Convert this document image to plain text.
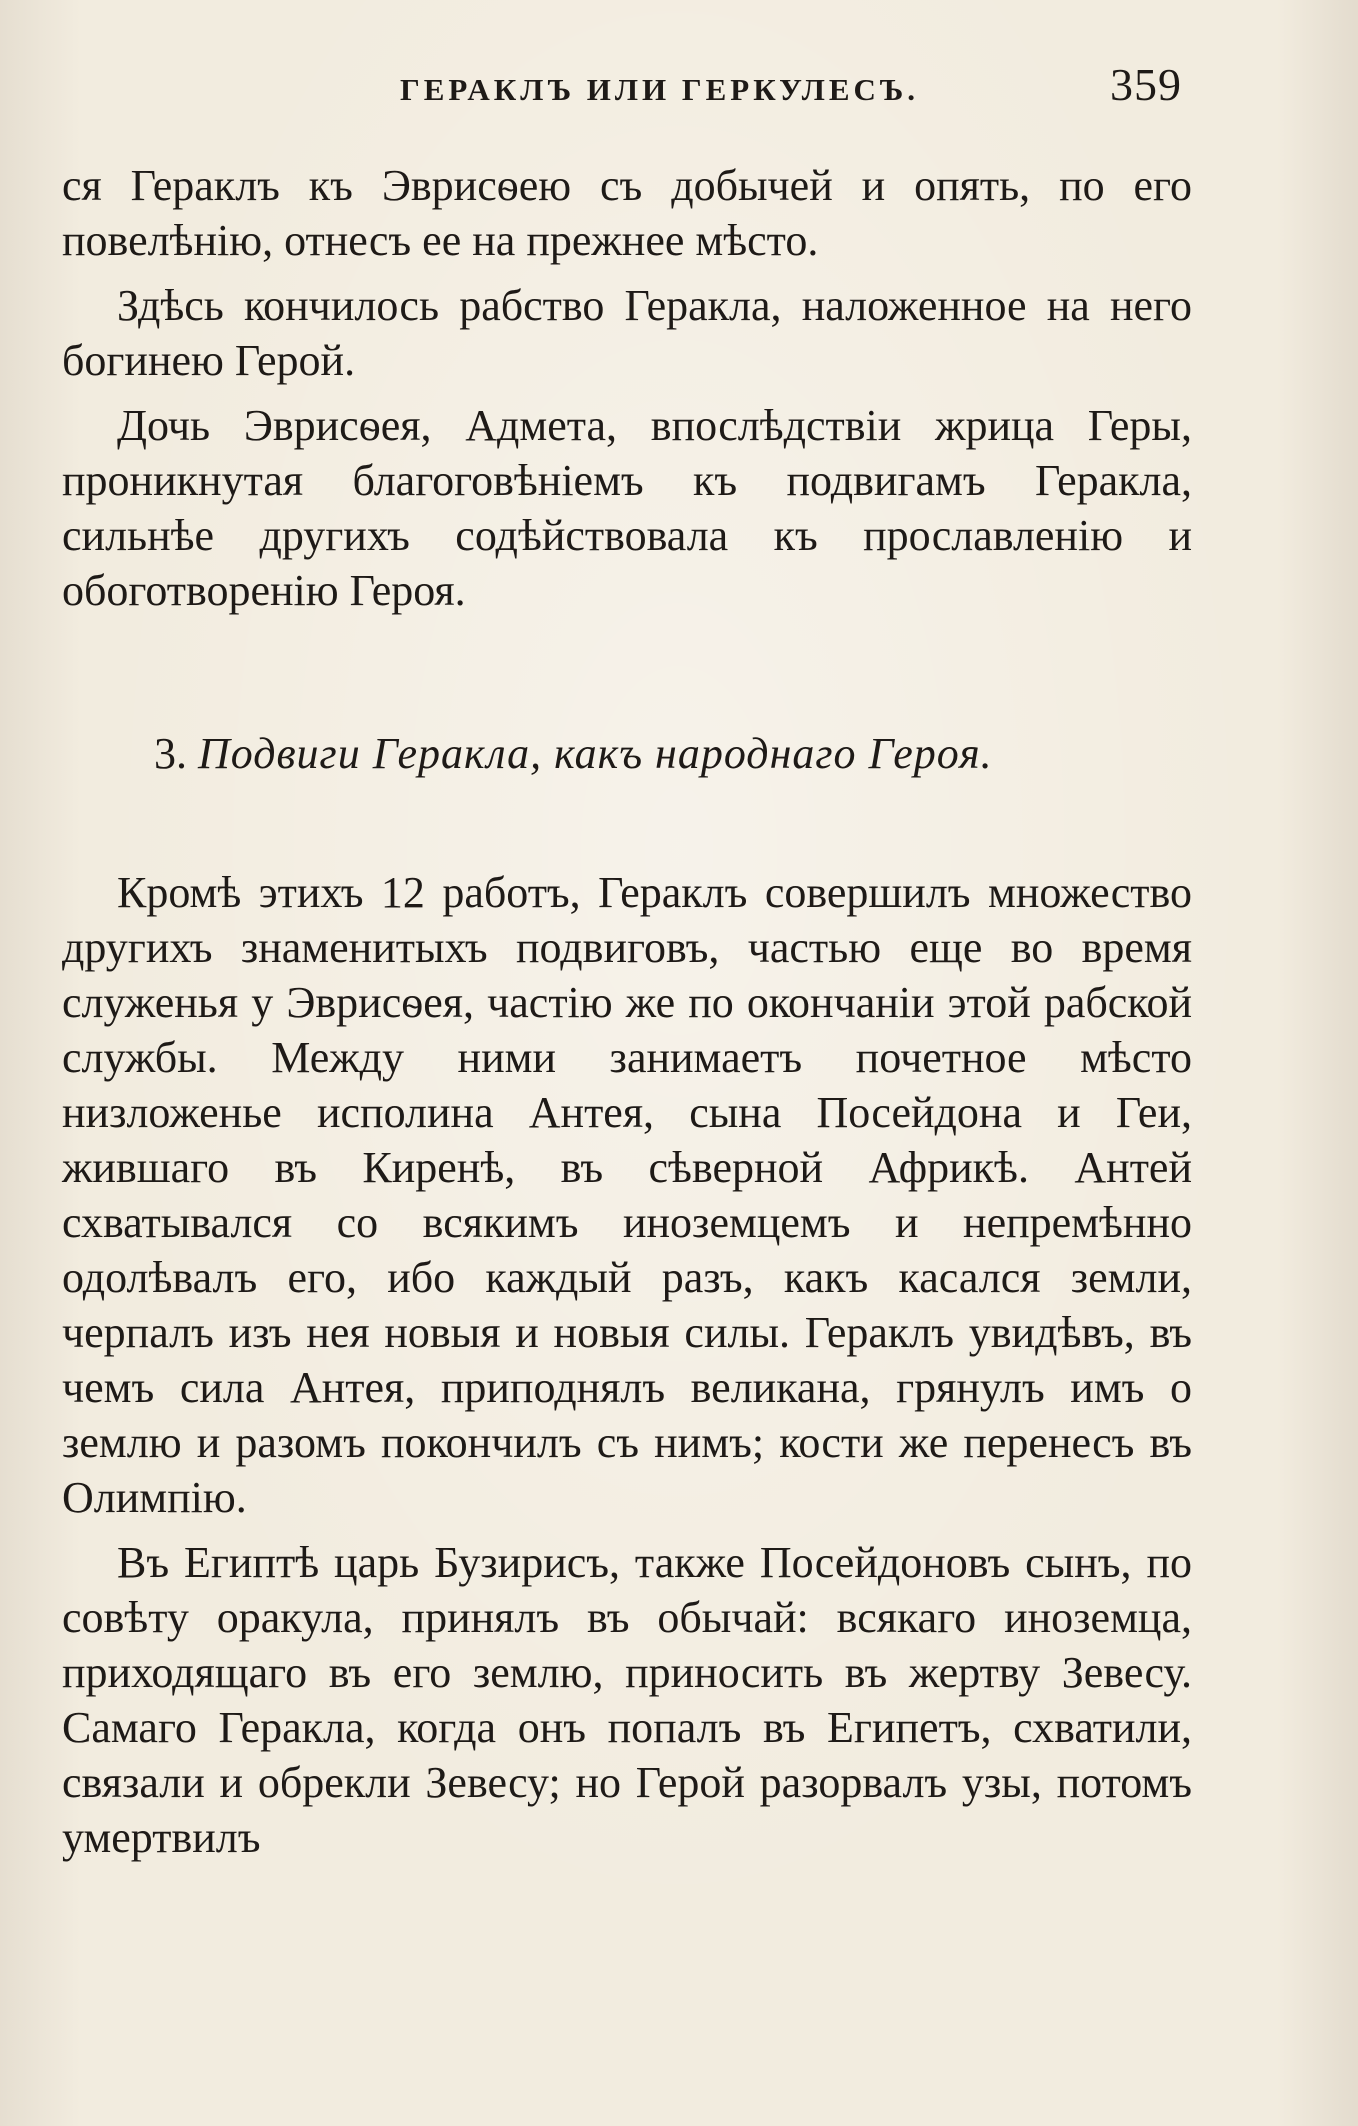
ГЕРАКЛЪ ИЛИ ГЕРКУЛЕСЪ.	359

ся Гераклъ къ Эврисѳею съ добычей и опять, по его повелѣнію, отнесъ ее на прежнее мѣсто.

Здѣсь кончилось рабство Геракла, наложенное на него богинею Герой.

Дочь Эврисѳея, Адмета, впослѣдствіи жрица Геры, проникнутая благоговѣніемъ къ подвигамъ Геракла, сильнѣе другихъ содѣйствовала къ прославленію и обоготворенію Героя.

3. Подвиги Геракла, какъ народнаго Героя.

Кромѣ этихъ 12 работъ, Гераклъ совершилъ множество другихъ знаменитыхъ подвиговъ, частью еще во время служенья у Эврисѳея, частію же по окончаніи этой рабской службы. Между ними занимаетъ почетное мѣсто низложенье исполина Антея, сына Посейдона и Геи, жившаго въ Киренѣ, въ сѣверной Африкѣ. Антей схватывался со всякимъ иноземцемъ и непремѣнно одолѣвалъ его, ибо каждый разъ, какъ касался земли, черпалъ изъ нея новыя и новыя силы. Гераклъ увидѣвъ, въ чемъ сила Антея, приподнялъ великана, грянулъ имъ о землю и разомъ покончилъ съ нимъ; кости же перенесъ въ Олимпію.

Въ Египтѣ царь Бузирисъ, также Посейдоновъ сынъ, по совѣту оракула, принялъ въ обычай: всякаго иноземца, приходящаго въ его землю, приносить въ жертву Зевесу. Самаго Геракла, когда онъ попалъ въ Египетъ, схватили, связали и обрекли Зевесу; но Герой разорвалъ узы, потомъ умертвилъ
